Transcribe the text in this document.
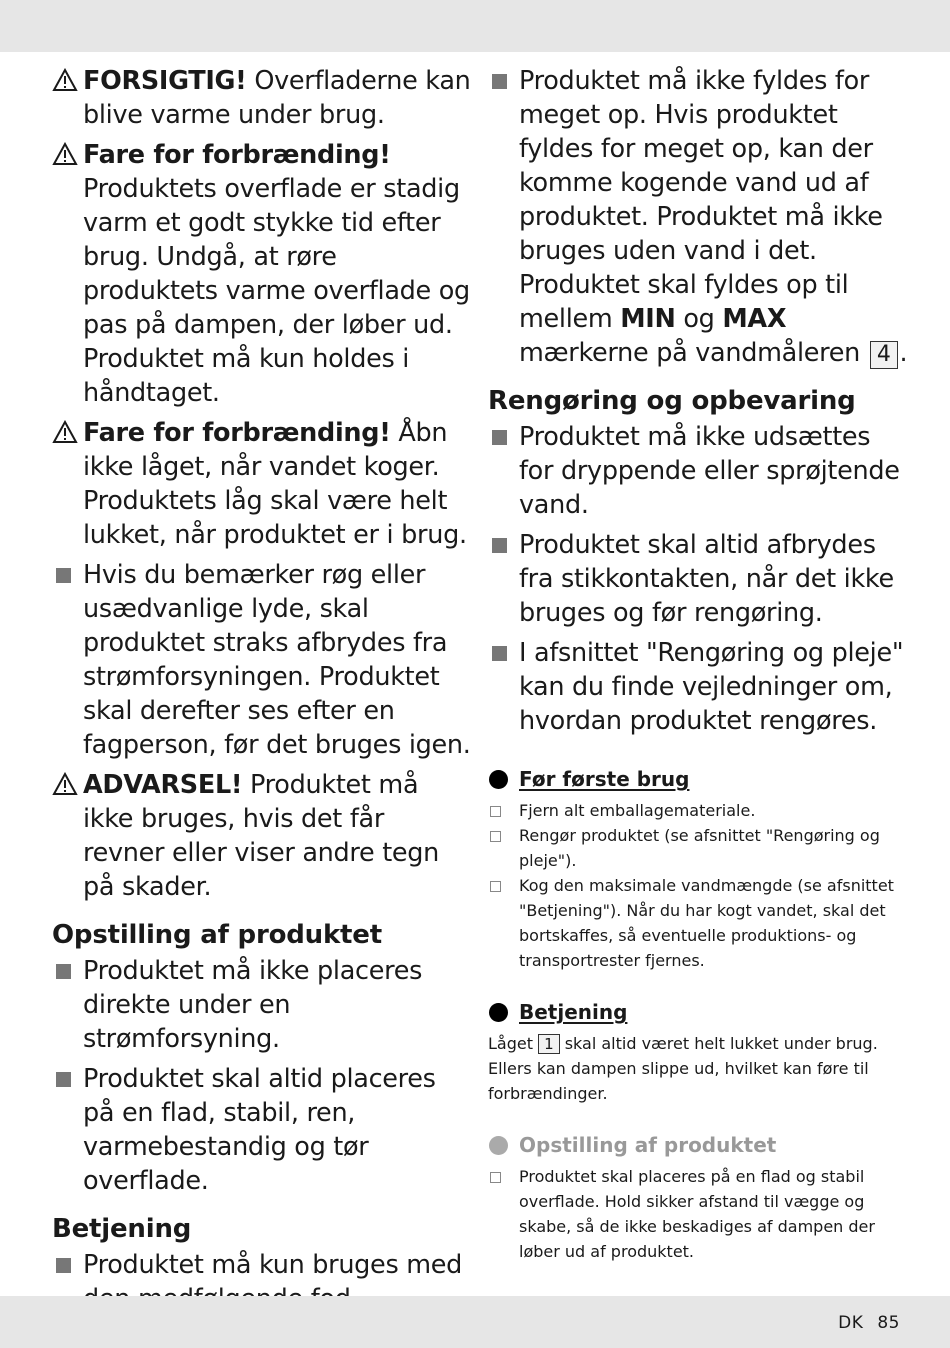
FORSIGTIG! Overfladerne kan blive varme under brug.
Fare for forbrænding! Produktets overflade er stadig varm et godt stykke tid efter brug. Undgå, at røre produktets varme overflade og pas på dampen, der løber ud. Produktet må kun holdes i håndtaget.
Fare for forbrænding! Åbn ikke låget, når vandet koger. Produktets låg skal være helt lukket, når produktet er i brug.
Hvis du bemærker røg eller usædvanlige lyde, skal produktet straks afbrydes fra strømforsyningen. Produktet skal derefter ses efter en fagperson, før det bruges igen.
ADVARSEL! Produktet må ikke bruges, hvis det får revner eller viser andre tegn på skader.
Opstilling af produktet
Produktet må ikke placeres direkte under en strømforsyning.
Produktet skal altid placeres på en flad, stabil, ren, varmebestandig og tør overflade.
Betjening
Produktet må kun bruges med
Produktet må ikke fyldes for meget op. Hvis produktet fyldes for meget op, kan der komme kogende vand ud af produktet. Produktet må ikke bruges uden vand i det. Produktet skal fyldes op til mellem MIN og MAX mærkerne på vandmåleren 4 .
Rengøring og opbevaring
Produktet må ikke udsættes for dryppende eller sprøjtende vand.
Produktet skal altid afbrydes fra stikkontakten, når det ikke bruges og før rengøring.
I afsnittet "Rengøring og pleje" kan du finde vejledninger om, hvordan produktet rengøres.
Før første brug
Fjern alt emballagemateriale.
Rengør produktet (se afsnittet "Rengøring og pleje").
Kog den maksimale vandmængde (se afsnittet "Betjening"). Når du har kogt vandet, skal det bortskaffes, så eventuelle produktions- og transportrester fjernes.
Betjening
Låget 1 skal altid været helt lukket under brug. Ellers kan dampen slippe ud, hvilket kan føre til forbrændinger.
Opstilling af produktet
Produktet skal placeres på en flad og stabil overflade. Hold sikker afstand til vægge og skabe, så de ikke beskadiges af dampen der løber ud af produktet.
DK 85
